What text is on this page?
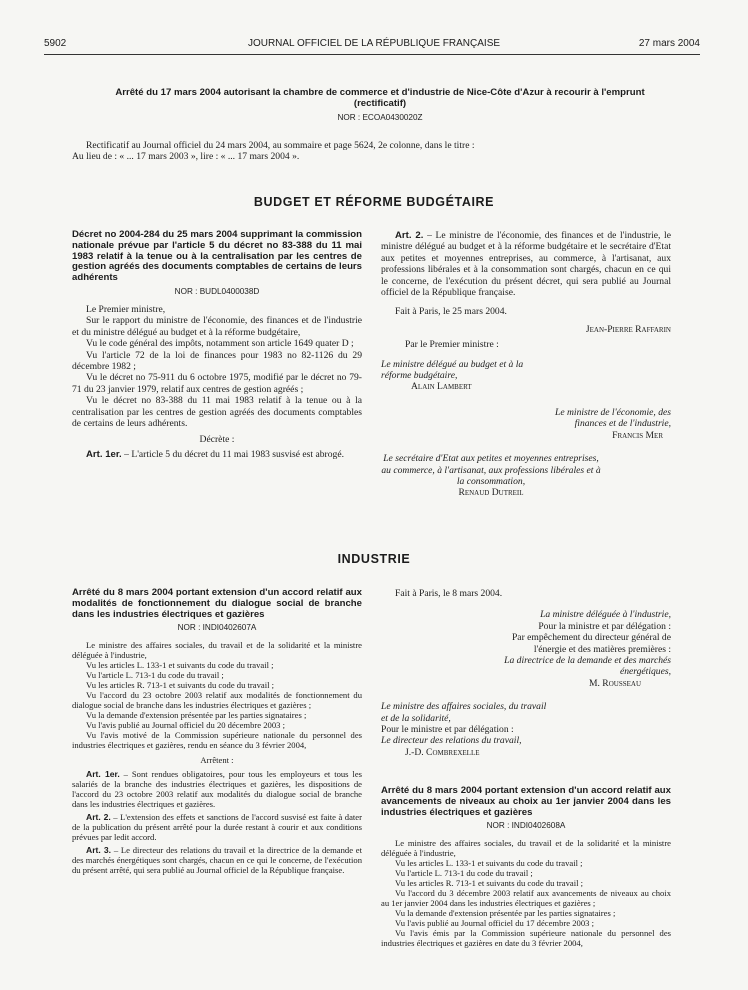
5902	JOURNAL OFFICIEL DE LA RÉPUBLIQUE FRANÇAISE	27 mars 2004

Arrêté du 17 mars 2004 autorisant la chambre de commerce et d'industrie de Nice-Côte d'Azur à recourir à l'emprunt (rectificatif)

NOR : ECOA0430020Z

Rectificatif au Journal officiel du 24 mars 2004, au sommaire et page 5624, 2e colonne, dans le titre :

Au lieu de : « ... 17 mars 2003 », lire : « ... 17 mars 2004 ».

BUDGET ET RÉFORME BUDGÉTAIRE

Décret no 2004-284 du 25 mars 2004 supprimant la commission nationale prévue par l'article 5 du décret no 83-388 du 11 mai 1983 relatif à la tenue ou à la centralisation par les centres de gestion agréés des documents comptables de certains de leurs adhérents

NOR : BUDL0400038D

Le Premier ministre,

Sur le rapport du ministre de l'économie, des finances et de l'industrie et du ministre délégué au budget et à la réforme budgétaire,

Vu le code général des impôts, notamment son article 1649 quater D ;

Vu l'article 72 de la loi de finances pour 1983 no 82-1126 du 29 décembre 1982 ;

Vu le décret no 75-911 du 6 octobre 1975, modifié par le décret no 79-71 du 23 janvier 1979, relatif aux centres de gestion agréés ;

Vu le décret no 83-388 du 11 mai 1983 relatif à la tenue ou à la centralisation par les centres de gestion agréés des documents comptables de certains de leurs adhérents.

Décrète :

Art. 1er. – L'article 5 du décret du 11 mai 1983 susvisé est abrogé.

Art. 2. – Le ministre de l'économie, des finances et de l'industrie, le ministre délégué au budget et à la réforme budgétaire et le secrétaire d'Etat aux petites et moyennes entreprises, au commerce, à l'artisanat, aux professions libérales et à la consommation sont chargés, chacun en ce qui le concerne, de l'exécution du présent décret, qui sera publié au Journal officiel de la République française.

Fait à Paris, le 25 mars 2004.

Jean-Pierre Raffarin

Par le Premier ministre :

Le ministre délégué au budget et à la réforme budgétaire,

Alain Lambert

Le ministre de l'économie, des finances et de l'industrie,

Francis Mer

Le secrétaire d'Etat aux petites et moyennes entreprises, au commerce, à l'artisanat, aux professions libérales et à la consommation,

Renaud Dutreil

INDUSTRIE

Arrêté du 8 mars 2004 portant extension d'un accord relatif aux modalités de fonctionnement du dialogue social de branche dans les industries électriques et gazières

NOR : INDI0402607A

Le ministre des affaires sociales, du travail et de la solidarité et la ministre déléguée à l'industrie,

Vu les articles L. 133-1 et suivants du code du travail ;

Vu l'article L. 713-1 du code du travail ;

Vu les articles R. 713-1 et suivants du code du travail ;

Vu l'accord du 23 octobre 2003 relatif aux modalités de fonctionnement du dialogue social de branche dans les industries électriques et gazières ;

Vu la demande d'extension présentée par les parties signataires ;

Vu l'avis publié au Journal officiel du 20 décembre 2003 ;

Vu l'avis motivé de la Commission supérieure nationale du personnel des industries électriques et gazières, rendu en séance du 3 février 2004,

Arrêtent :

Art. 1er. – Sont rendues obligatoires, pour tous les employeurs et tous les salariés de la branche des industries électriques et gazières, les dispositions de l'accord du 23 octobre 2003 relatif aux modalités du dialogue social de branche dans les industries électriques et gazières.

Art. 2. – L'extension des effets et sanctions de l'accord susvisé est faite à dater de la publication du présent arrêté pour la durée restant à courir et aux conditions prévues par ledit accord.

Art. 3. – Le directeur des relations du travail et la directrice de la demande et des marchés énergétiques sont chargés, chacun en ce qui le concerne, de l'exécution du présent arrêté, qui sera publié au Journal officiel de la République française.

Fait à Paris, le 8 mars 2004.

La ministre déléguée à l'industrie,

Pour la ministre et par délégation :

Par empêchement du directeur général de l'énergie et des matières premières :

La directrice de la demande et des marchés énergétiques,

M. Rousseau

Le ministre des affaires sociales, du travail et de la solidarité,

Pour le ministre et par délégation :

Le directeur des relations du travail,

J.-D. Combrexelle

Arrêté du 8 mars 2004 portant extension d'un accord relatif aux avancements de niveaux au choix au 1er janvier 2004 dans les industries électriques et gazières

NOR : INDI0402608A

Le ministre des affaires sociales, du travail et de la solidarité et la ministre déléguée à l'industrie,

Vu les articles L. 133-1 et suivants du code du travail ;

Vu l'article L. 713-1 du code du travail ;

Vu les articles R. 713-1 et suivants du code du travail ;

Vu l'accord du 3 décembre 2003 relatif aux avancements de niveaux au choix au 1er janvier 2004 dans les industries électriques et gazières ;

Vu la demande d'extension présentée par les parties signataires ;

Vu l'avis publié au Journal officiel du 17 décembre 2003 ;

Vu l'avis émis par la Commission supérieure nationale du personnel des industries électriques et gazières en date du 3 février 2004,
